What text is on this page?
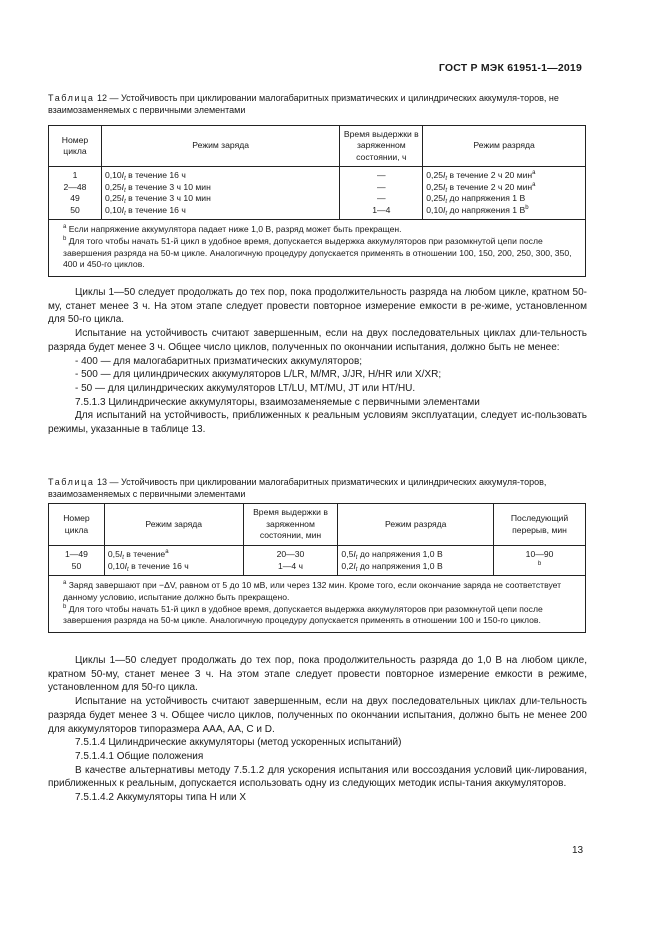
ГОСТ Р МЭК 61951-1—2019
Таблица 12 — Устойчивость при циклировании малогабаритных призматических и цилиндрических аккумуля-торов, не взаимозаменяемых с первичными элементами
Номер цикла	Режим заряда	Время выдержки в заряженном состоянии, ч	Режим разряда
1	$0,10I_t$ в течение 16 ч	—	$0,25I_t$ в течение 2 ч 20 мин$^a$
2—48	$0,25I_t$ в течение 3 ч 10 мин	—	$0,25I_t$ в течение 2 ч 20 мин$^a$
49	$0,25I_t$ в течение 3 ч 10 мин	—	$0,25I_t$ до напряжения 1 В
50	$0,10I_t$ в течение 16 ч	1—4	$0,10I_t$ до напряжения 1 $В^b$

$^a$ Если напряжение аккумулятора падает ниже 1,0 В, разряд может быть прекращен.

$^b$ Для того чтобы начать 51-й цикл в удобное время, допускается выдержка аккумуляторов при разомкнутой цепи после завершения разряда на 50-м цикле. Аналогичную процедуру допускается применять в отношении 100, 150, 200, 250, 300, 350, 400 и 450-го циклов.			

Циклы 1—50 следует продолжать до тех пор, пока продолжительность разряда на любом цикле, кратном 50-му, станет менее 3 ч. На этом этапе следует провести повторное измерение емкости в ре-жиме, установленном для 50-го цикла.

Испытание на устойчивость считают завершенным, если на двух последовательных циклах дли-тельность разряда будет менее 3 ч. Общее число циклов, полученных по окончании испытания, должно быть не менее:

- 400 — для малогабаритных призматических аккумуляторов;

- 500 — для цилиндрических аккумуляторов L/LR, M/MR, J/JR, H/HR или X/XR;

- 50 — для цилиндрических аккумуляторов LT/LU, MT/MU, JT или HT/HU.

7.5.1.3 Цилиндрические аккумуляторы, взаимозаменяемые с первичными элементами

Для испытаний на устойчивость, приближенных к реальным условиям эксплуатации, следует ис-пользовать режимы, указанные в таблице 13.

Таблица 13 — Устойчивость при циклировании малогабаритных призматических и цилиндрических аккумуля-торов, взаимозаменяемых с первичными элементами
Номер цикла	Режим заряда	Время выдержки в заряженном состоянии, мин	Режим разряда	Последующий перерыв, мин
1—49	$0,5I_t$ в течение$^a$	20—30	$0,5I_t$ до напряжения 1,0 В	10—90
50	$0,10I_t$ в течение 16 ч	1—4 ч	$0,2I_t$ до напряжения 1,0 В	$^b$

$^a$ Заряд завершают при −ΔV, равном от 5 до 10 мВ, или через 132 мин. Кроме того, если окончание заряда не соответствует данному условию, испытание должно быть прекращено.

$^b$ Для того чтобы начать 51-й цикл в удобное время, допускается выдержка аккумуляторов при разомкнутой цепи после завершения разряда на 50-м цикле. Аналогичную процедуру допускается применять в отношении 100 и 150-го циклов.				

Циклы 1—50 следует продолжать до тех пор, пока продолжительность разряда до 1,0 В на любом цикле, кратном 50-му, станет менее 3 ч. На этом этапе следует провести повторное измерение емкости в режиме, установленном для 50-го цикла.

Испытание на устойчивость считают завершенным, если на двух последовательных циклах дли-тельность разряда будет менее 3 ч. Общее число циклов, полученных по окончании испытания, должно быть не менее 200 для аккумуляторов типоразмера AAA, AA, C и D.

7.5.1.4 Цилиндрические аккумуляторы (метод ускоренных испытаний)

7.5.1.4.1 Общие положения

В качестве альтернативы методу 7.5.1.2 для ускорения испытания или воссоздания условий цик-лирования, приближенных к реальным, допускается использовать одну из следующих методик испы-тания аккумуляторов.

7.5.1.4.2 Аккумуляторы типа H или X

13
